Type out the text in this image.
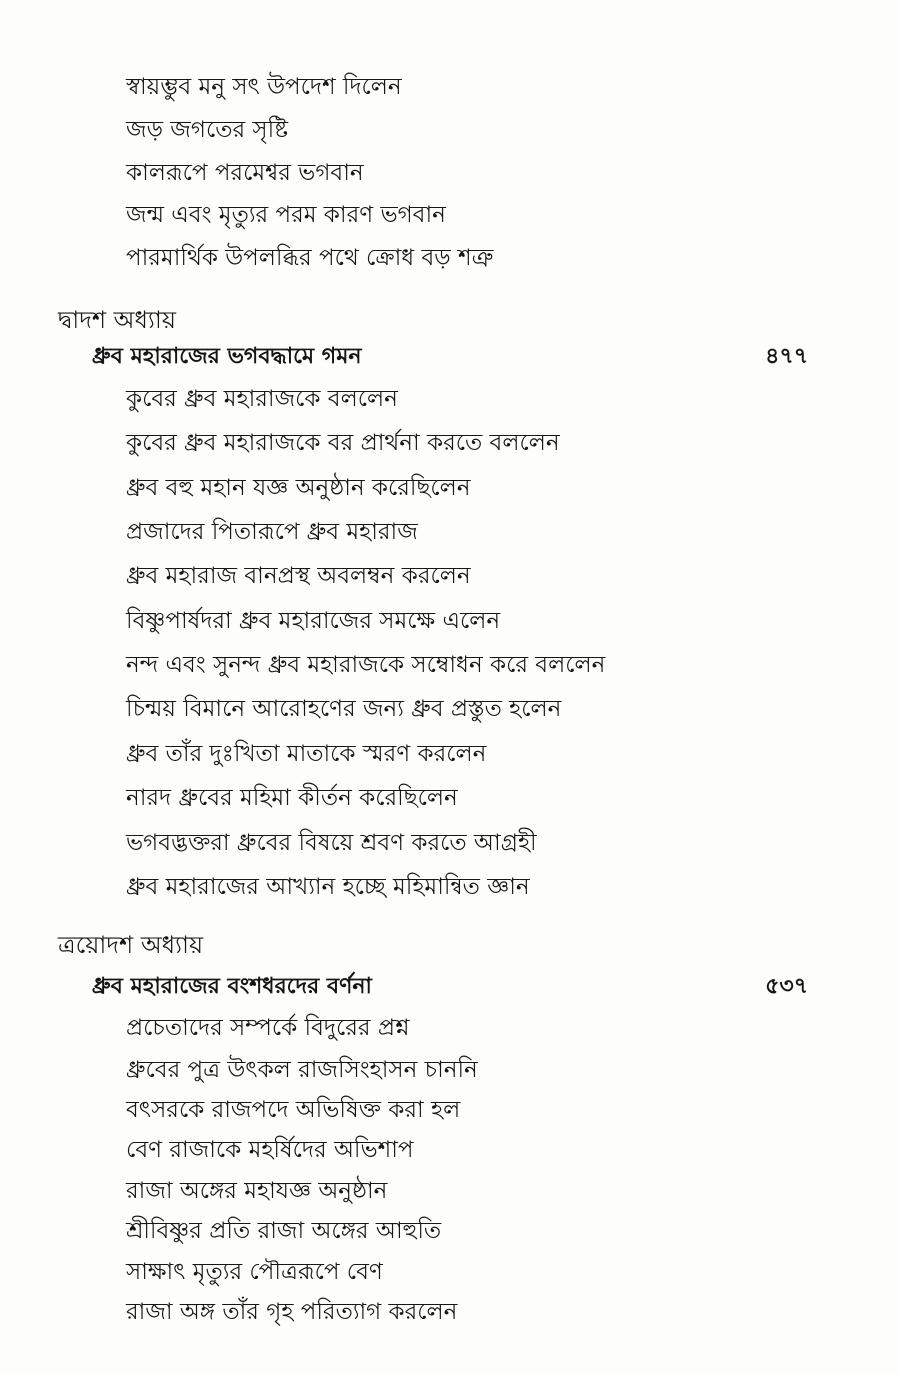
স্বায়ম্ভুব মনু সৎ উপদেশ দিলেন
জড় জগতের সৃষ্টি
কালরূপে পরমেশ্বর ভগবান
জন্ম এবং মৃত্যুর পরম কারণ ভগবান
পারমার্থিক উপলব্ধির পথে ক্রোধ বড় শত্রু
দ্বাদশ অধ্যায়
ধ্রুব মহারাজের ভগবদ্ধামে গমন	৪৭৭
কুবের ধ্রুব মহারাজকে বললেন
কুবের ধ্রুব মহারাজকে বর প্রার্থনা করতে বললেন
ধ্রুব বহু মহান যজ্ঞ অনুষ্ঠান করেছিলেন
প্রজাদের পিতারূপে ধ্রুব মহারাজ
ধ্রুব মহারাজ বানপ্রস্থ অবলম্বন করলেন
বিষ্ণুপার্ষদরা ধ্রুব মহারাজের সমক্ষে এলেন
নন্দ এবং সুনন্দ ধ্রুব মহারাজকে সম্বোধন করে বললেন
চিন্ময় বিমানে আরোহণের জন্য ধ্রুব প্রস্তুত হলেন
ধ্রুব তাঁর দুঃখিতা মাতাকে স্মরণ করলেন
নারদ ধ্রুবের মহিমা কীর্তন করেছিলেন
ভগবদ্ভক্তরা ধ্রুবের বিষয়ে শ্রবণ করতে আগ্রহী
ধ্রুব মহারাজের আখ্যান হচ্ছে মহিমান্বিত জ্ঞান
ত্রয়োদশ অধ্যায়
ধ্রুব মহারাজের বংশধরদের বর্ণনা	৫৩৭
প্রচেতাদের সম্পর্কে বিদুরের প্রশ্ন
ধ্রুবের পুত্র উৎকল রাজসিংহাসন চাননি
বৎসরকে রাজপদে অভিষিক্ত করা হল
বেণ রাজাকে মহর্ষিদের অভিশাপ
রাজা অঙ্গের মহাযজ্ঞ অনুষ্ঠান
শ্রীবিষ্ণুর প্রতি রাজা অঙ্গের আহুতি
সাক্ষাৎ মৃত্যুর পৌত্ররূপে বেণ
রাজা অঙ্গ তাঁর গৃহ পরিত্যাগ করলেন
